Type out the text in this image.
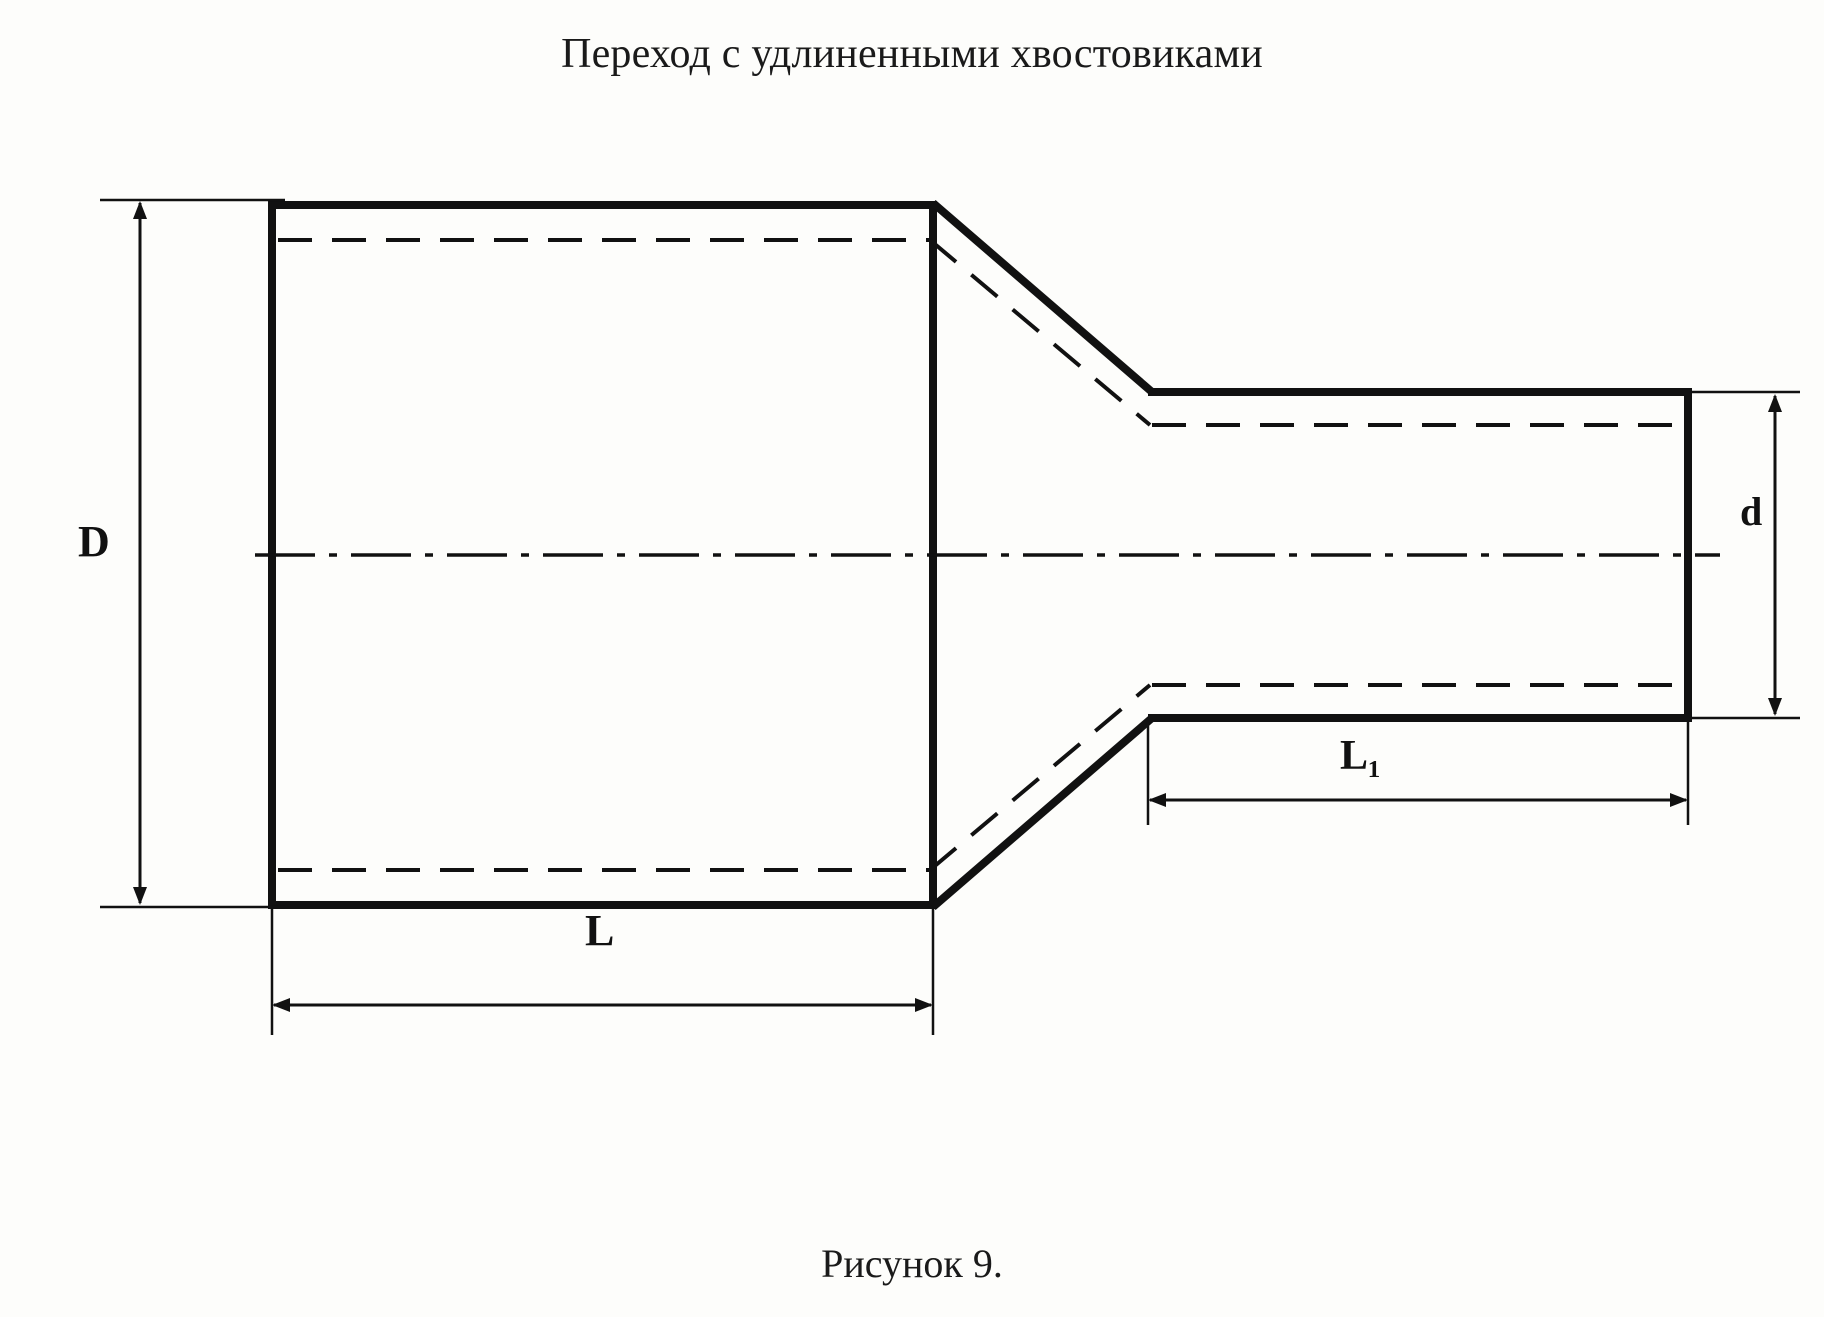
Переход с удлиненными хвостовиками
D
d
L
L₁
Рисунок 9.
